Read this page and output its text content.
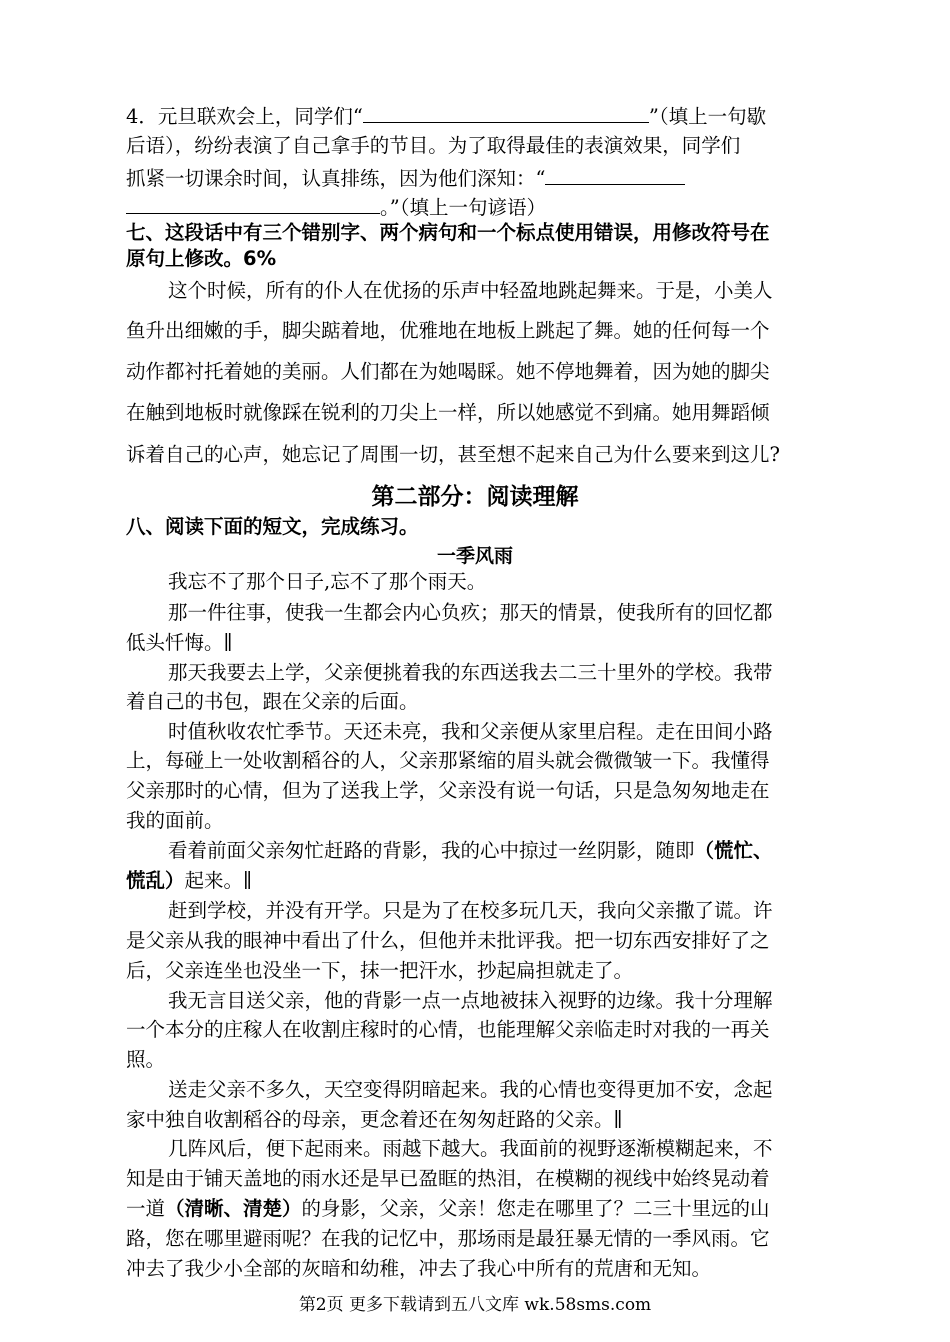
4．元旦联欢会上，同学们“	”（填上一句歇
后语），纷纷表演了自己拿手的节目。为了取得最佳的表演效果，同学们
抓紧一切课余时间，认真排练，因为他们深知：“
。”（填上一句谚语）
七、这段话中有三个错别字、两个病句和一个标点使用错误，用修改符号在
原句上修改。6%
这个时候，所有的仆人在优扬的乐声中轻盈地跳起舞来。于是，小美人
鱼升出细嫩的手，脚尖踮着地，优雅地在地板上跳起了舞。她的任何每一个
动作都衬托着她的美丽。人们都在为她喝睬。她不停地舞着，因为她的脚尖
在触到地板时就像踩在锐利的刀尖上一样，所以她感觉不到痛。她用舞蹈倾
诉着自己的心声，她忘记了周围一切，甚至想不起来自己为什么要来到这儿?
第二部分：阅读理解
八、阅读下面的短文，完成练习。
一季风雨
我忘不了那个日子,忘不了那个雨天。
那一件往事，使我一生都会内心负疚；那天的情景，使我所有的回忆都
低头忏悔。∥
那天我要去上学，父亲便挑着我的东西送我去二三十里外的学校。我带
着自己的书包，跟在父亲的后面。
时值秋收农忙季节。天还未亮，我和父亲便从家里启程。走在田间小路
上，每碰上一处收割稻谷的人，父亲那紧缩的眉头就会微微皱一下。我懂得
父亲那时的心情，但为了送我上学，父亲没有说一句话，只是急匆匆地走在
我的面前。
看着前面父亲匆忙赶路的背影，我的心中掠过一丝阴影，随即（慌忙、
慌乱）起来。∥
赶到学校，并没有开学。只是为了在校多玩几天，我向父亲撒了谎。许
是父亲从我的眼神中看出了什么，但他并未批评我。把一切东西安排好了之
后，父亲连坐也没坐一下，抹一把汗水，抄起扁担就走了。
我无言目送父亲，他的背影一点一点地被抹入视野的边缘。我十分理解
一个本分的庄稼人在收割庄稼时的心情，也能理解父亲临走时对我的一再关
照。
送走父亲不多久，天空变得阴暗起来。我的心情也变得更加不安，念起
家中独自收割稻谷的母亲，更念着还在匆匆赶路的父亲。∥
几阵风后，便下起雨来。雨越下越大。我面前的视野逐渐模糊起来，不
知是由于铺天盖地的雨水还是早已盈眶的热泪，在模糊的视线中始终晃动着
一道（清晰、清楚）的身影，父亲，父亲！您走在哪里了？二三十里远的山
路，您在哪里避雨呢？在我的记忆中，那场雨是最狂暴无情的一季风雨。它
冲去了我少小全部的灰暗和幼稚，冲去了我心中所有的荒唐和无知。
第2页 更多下载请到五八文库 wk.58sms.com
